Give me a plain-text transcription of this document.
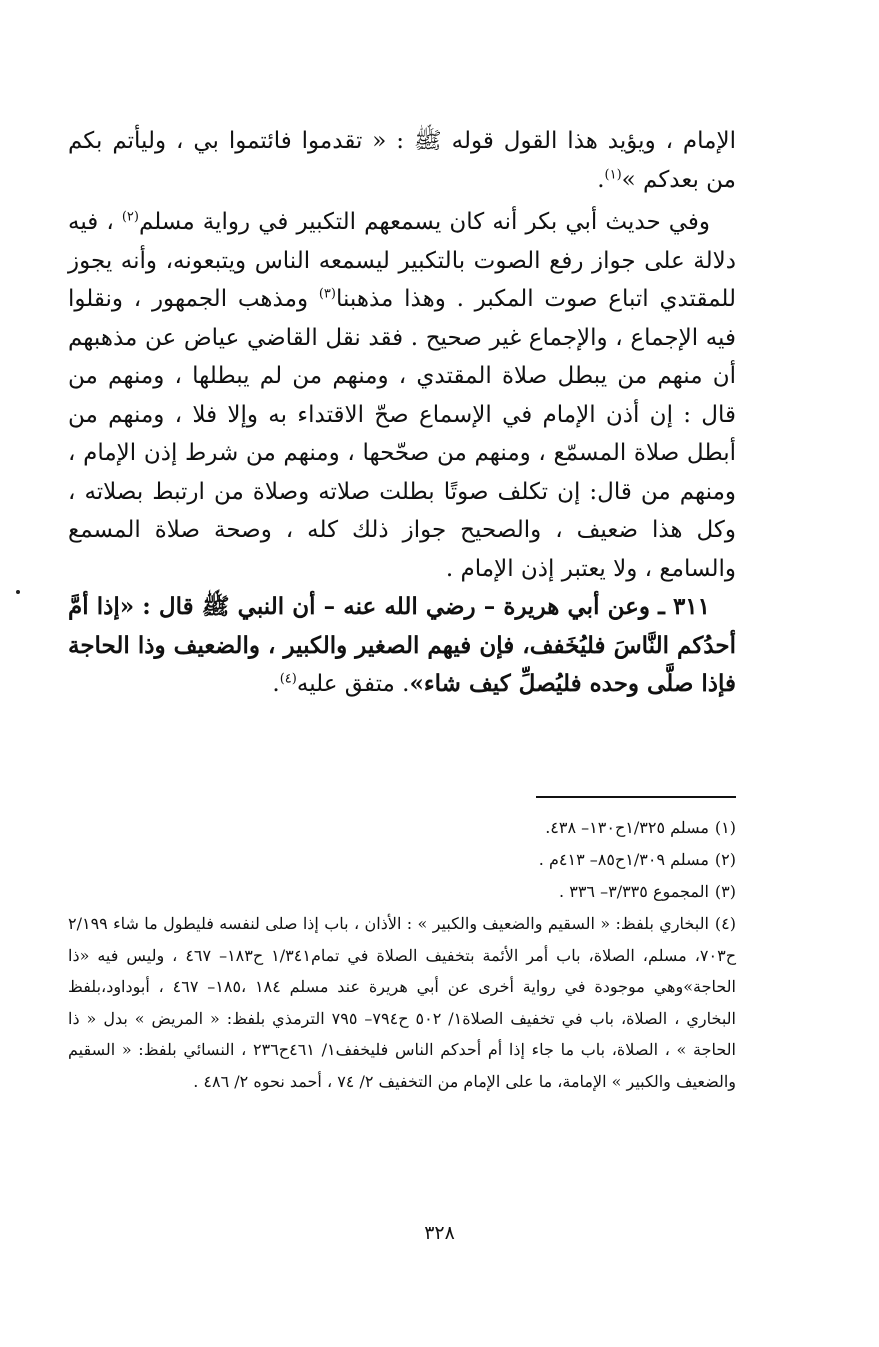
الإمام ، ويؤيد هذا القول قوله ﷺ : « تقدموا فائتموا بي ، وليأتم بكم من بعدكم »$^{(١)}$.

وفي حديث أبي بكر أنه كان يسمعهم التكبير في رواية مسلم$^{(٢)}$ ، فيه دلالة على جواز رفع الصوت بالتكبير ليسمعه الناس ويتبعونه، وأنه يجوز للمقتدي اتباع صوت المكبر . وهذا مذهبنا$^{(٣)}$ ومذهب الجمهور ، ونقلوا فيه الإجماع ، والإجماع غير صحيح . فقد نقل القاضي عياض عن مذهبهم أن منهم من يبطل صلاة المقتدي ، ومنهم من لم يبطلها ، ومنهم من قال : إن أذن الإمام في الإسماع صحّ الاقتداء به وإلا فلا ، ومنهم من أبطل صلاة المسمّع ، ومنهم من صحّحها ، ومنهم من شرط إذن الإمام ، ومنهم من قال: إن تكلف صوتًا بطلت صلاته وصلاة من ارتبط بصلاته ، وكل هذا ضعيف ، والصحيح جواز ذلك كله ، وصحة صلاة المسمع والسامع ، ولا يعتبر إذن الإمام .

٣١١ ـ وعن أبي هريرة – رضي الله عنه – أن النبي ﷺ قال : «إذا أمَّ أحدُكم النَّاسَ فليُخَفف، فإن فيهم الصغير والكبير ، والضعيف وذا الحاجة فإذا صلَّى وحده فليُصلِّ كيف شاء». متفق عليه$^{(٤)}$.

(١)مسلم ١/٣٢٥ح١٣٠– ٤٣٨.

(٢)مسلم ١/٣٠٩ح٨٥– ٤١٣م .

(٣)المجموع ٣/٣٣٥– ٣٣٦ .

(٤)البخاري بلفظ: « السقيم والضعيف والكبير » : الأذان ، باب إذا صلى لنفسه فليطول ما شاء ٢/١٩٩ ح٧٠٣، مسلم، الصلاة، باب أمر الأئمة بتخفيف الصلاة في تمام١/٣٤١ ح١٨٣– ٤٦٧ ، وليس فيه «ذا الحاجة»وهي موجودة في رواية أخرى عن أبي هريرة عند مسلم ١٨٤ ،١٨٥– ٤٦٧ ، أبوداود،بلفظ البخاري ، الصلاة، باب في تخفيف الصلاة١/ ٥٠٢ ح٧٩٤– ٧٩٥ الترمذي بلفظ: « المريض » بدل « ذا الحاجة » ، الصلاة، باب ما جاء إذا أم أحدكم الناس فليخفف١/ ٤٦١ح٢٣٦ ، النسائي بلفظ: « السقيم والضعيف والكبير » الإمامة، ما على الإمام من التخفيف ٢/ ٧٤ ، أحمد نحوه ٢/ ٤٨٦ .

٣٢٨
